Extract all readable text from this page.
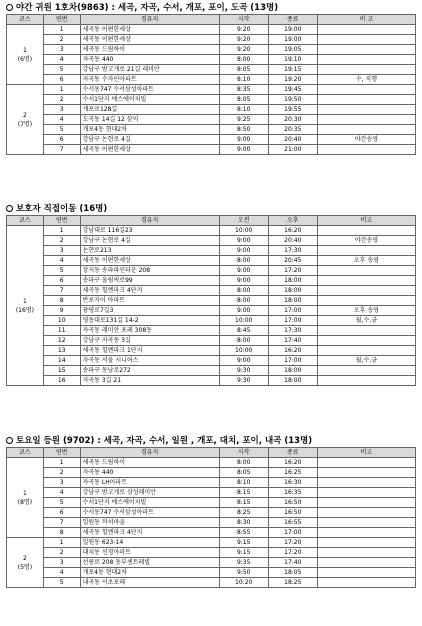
야간 귀원 1호차(9863) : 세곡, 자곡, 수서, 개포, 포이, 도곡 (13명)
코스	연번	경유지	시작	종료	비 고

1
(6명)	1	세곡동 이편한세상	9:20	19:00	
	2	세곡동 이편한세상	9:20	19:00	
	3	세곡동 드림하이	9:20	19:05	
	4	자곡동 440	8:00	19:10	
	5	강남구 밤고개로 21길 래미안	8:05	19:15	
	6	자곡동 수자인아파트	8:10	19:20	수, 직행

2
(7명)	1	수서동747 수서삼성아파트	8:35	19:45	
	2	수서1단지 에스에이치빌	8:05	19:50	
	3	개포로128길	8:10	19:55	
	4	도곡동 14길 12 삼익	9:25	20:30	
	5	개포4동 현대2차	8:50	20:35	
	6	강남구 논현로 4길	9:00	20:40	야간송영
	7	세곡동 이편한세상	9:00	21:00	
보호자 직접이동 (16명)
코스	연번	경유지	오전	오후	비고

1
(16명)	1	강남대로 116길23	10:00	16:20	
	2	강남구 논현로 4길	9:00	20:40	야간송영
	3	논현로213	9:00	17:30	
	4	세곡동 이편한세상	8:00	20:45	오후 송영
	5	장지동 송파파인타운 208	9:00	17:20	
	6	송파구 올림픽로99	9:00	18:00	
	7	세곡동 힐엔파크 4단지	8:00	18:00	
	8	반포자이 아파트	8:00	18:00	
	9	광평로7길3	9:00	17:00	오후 송영
	10	영동대로131길 14-2	10:00	17:00	월,수,금
	11	자곡동 래미안 포레 308동	8:45	17:30	
	12	강남구 자곡동 3길	8:00	17:40	
	13	세곡동 힐엔파크 1단지	10:00	16:20	
	14	자곡동 서울 시니어스	9:00	17:00	월,수,금
	15	송파구 동남로272	9:30	18:00	
	16	자곡동 3길 21	9:30	18:00	
토요일 등원 (9702) : 세곡, 자곡, 수서, 일원 , 개포, 대치, 포이, 내곡 (13명)
코스	연번	경유지	시작	종료	비고

1
(8명)	1	세곡동 드림하이	8:00	16:20	
	2	자곡동 440	8:05	16:25	
	3	자곡동 LH아파트	8:10	16:30	
	4	강남구 밤고개로 삼성래미안	8:15	16:35	
	5	수서1단지 에스에이치빌	8:15	16:50	
	6	수서동747 수서삼성아파트	8:25	16:50	
	7	일원동 까치마을	8:30	16:55	
	8	세곡동 힐엔파크 4단지	8:55	17:00	

2
(5명)	1	일원동 623-14	9:15	17:20	
	2	대치동 선경아파트	9:15	17:20	
	3	선릉로 208 동부센트레빌	9:35	17:40	
	4	개포4동 현대2차	9:50	18:05	
	5	내곡동 서초포레	10:20	18:25	
